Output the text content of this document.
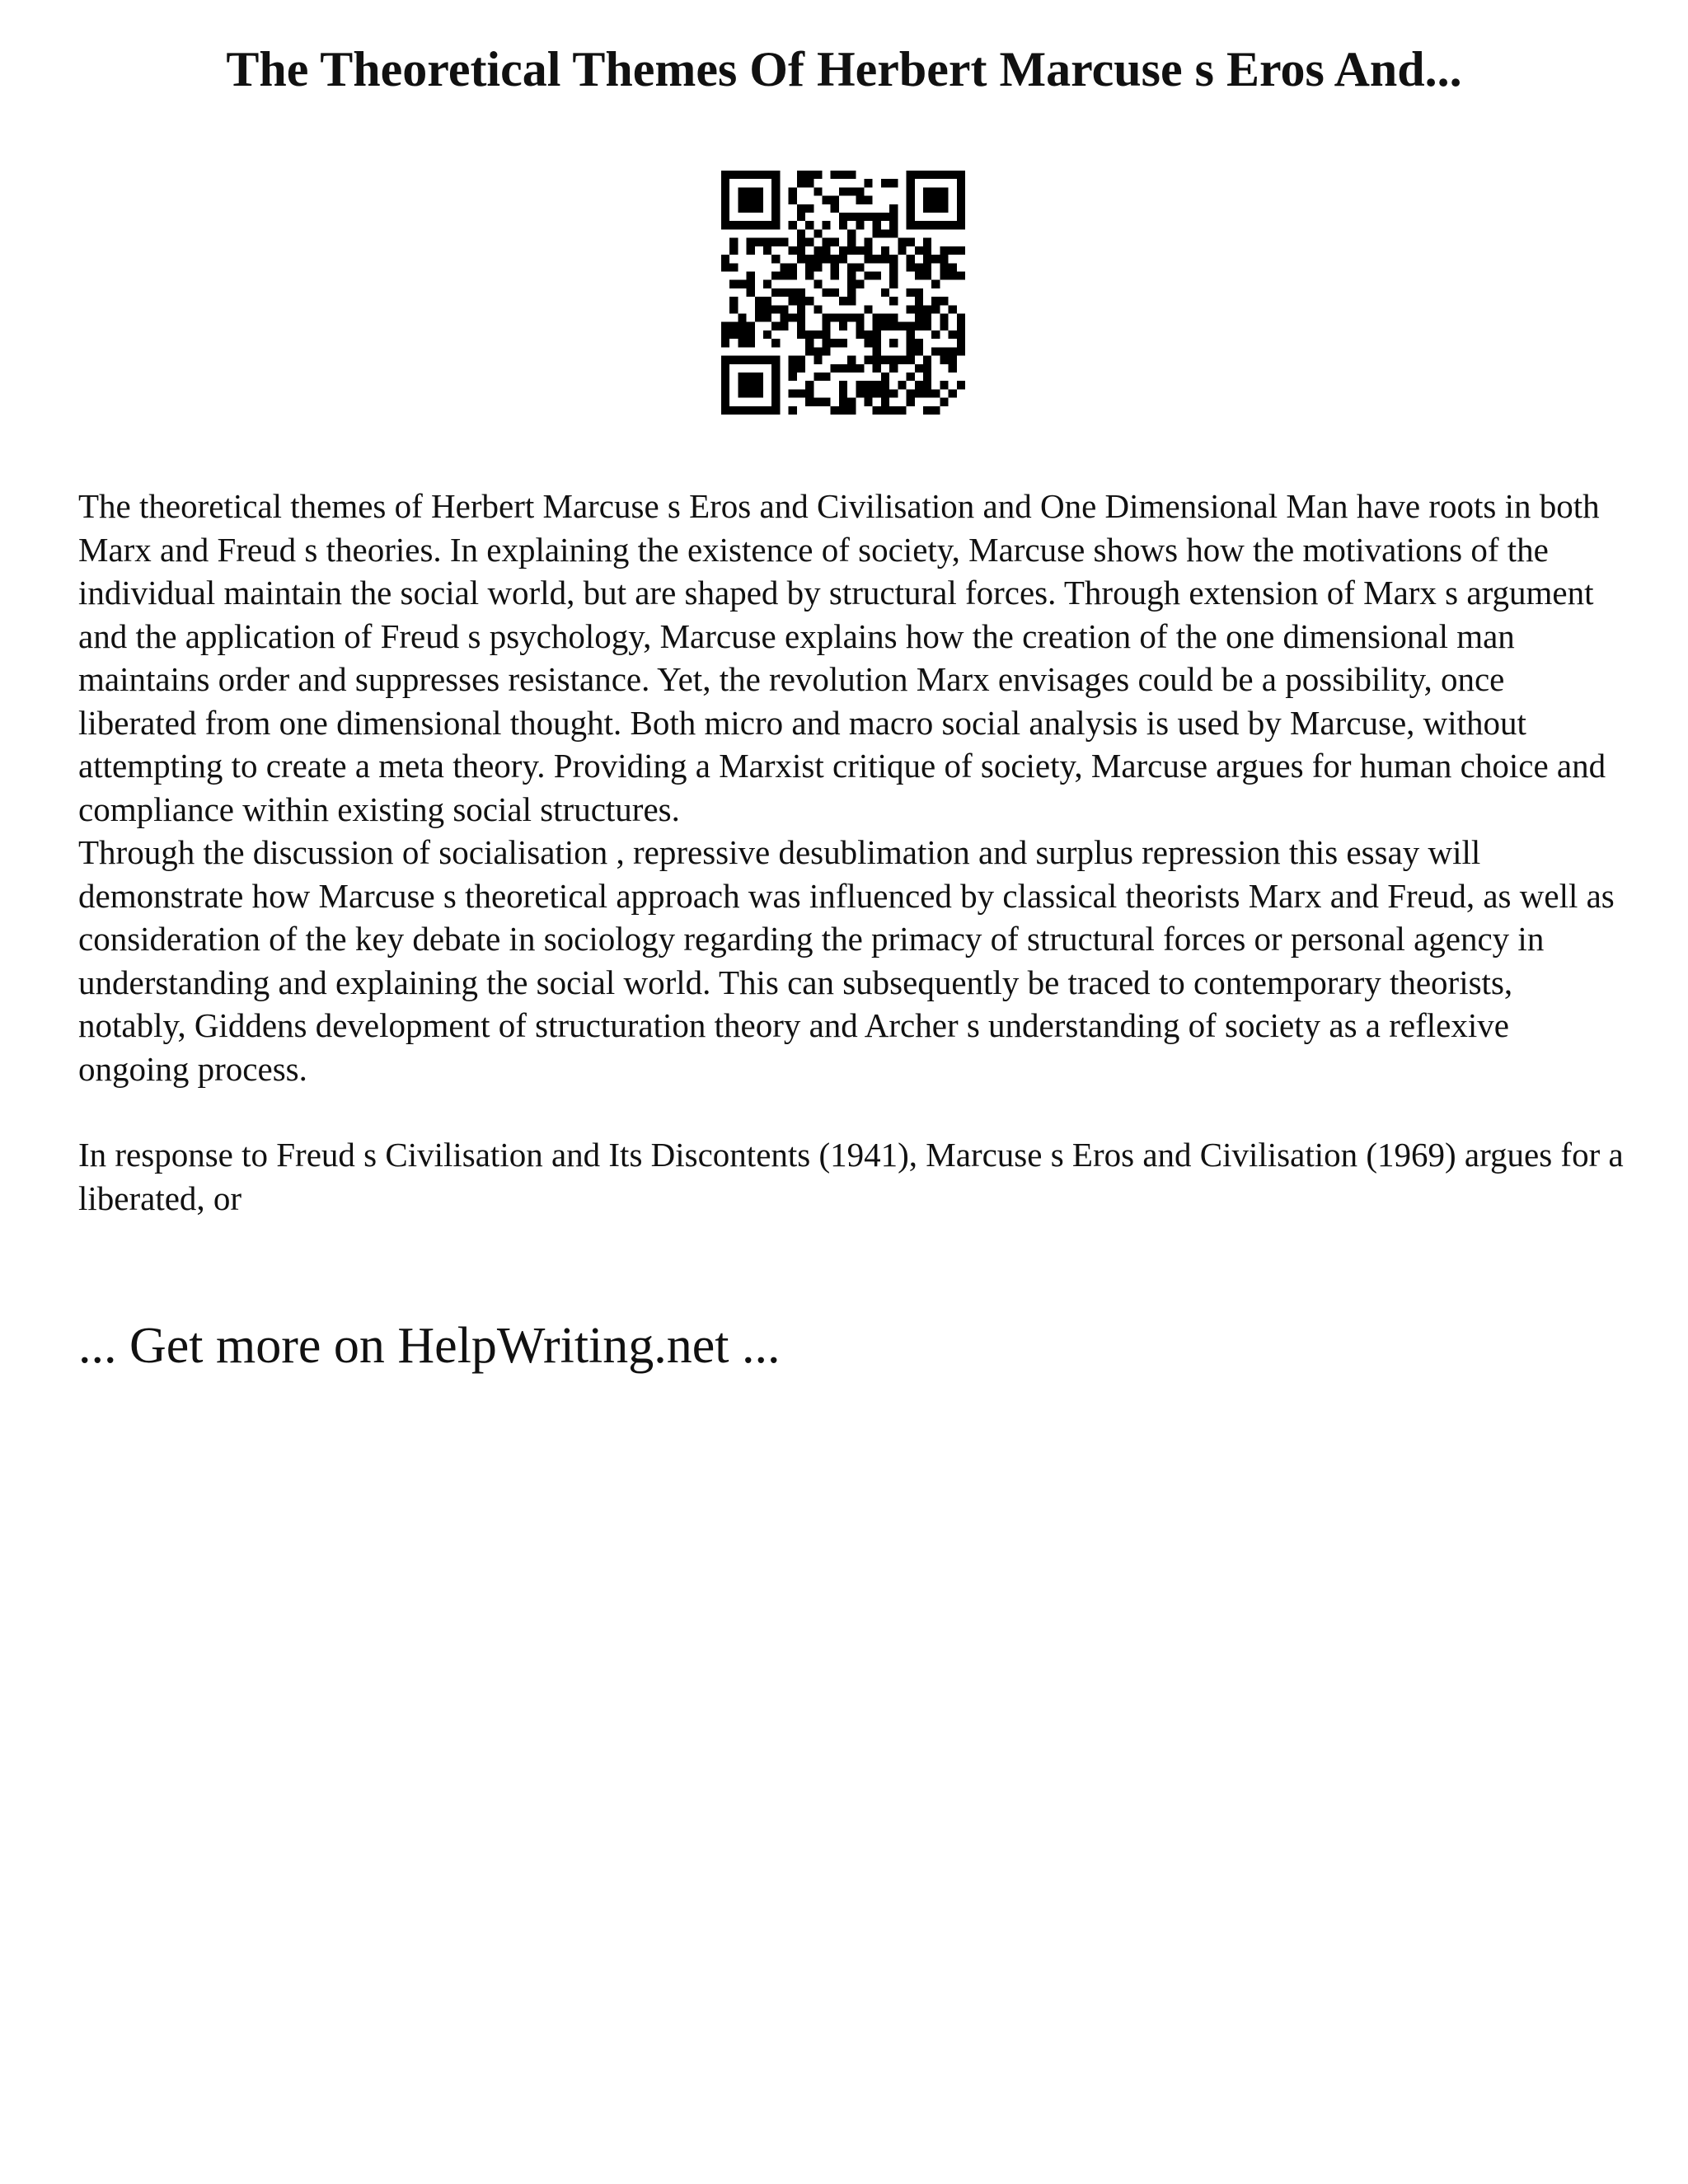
The Theoretical Themes Of Herbert Marcuse s Eros And...

The theoretical themes of Herbert Marcuse s Eros and Civilisation and One Dimensional Man have roots in both Marx and Freud s theories. In explaining the existence of society, Marcuse shows how the motivations of the individual maintain the social world, but are shaped by structural forces. Through extension of Marx s argument and the application of Freud s psychology, Marcuse explains how the creation of the one dimensional man maintains order and suppresses resistance. Yet, the revolution Marx envisages could be a possibility, once liberated from one dimensional thought. Both micro and macro social analysis is used by Marcuse, without attempting to create a meta theory. Providing a Marxist critique of society, Marcuse argues for human choice and compliance within existing social structures.

Through the discussion of socialisation , repressive desublimation and surplus repression this essay will demonstrate how Marcuse s theoretical approach was influenced by classical theorists Marx and Freud, as well as consideration of the key debate in sociology regarding the primacy of structural forces or personal agency in understanding and explaining the social world. This can subsequently be traced to contemporary theorists, notably, Giddens development of structuration theory and Archer s understanding of society as a reflexive ongoing process.

In response to Freud s Civilisation and Its Discontents (1941), Marcuse s Eros and Civilisation (1969) argues for a liberated, or

... Get more on HelpWriting.net ...
